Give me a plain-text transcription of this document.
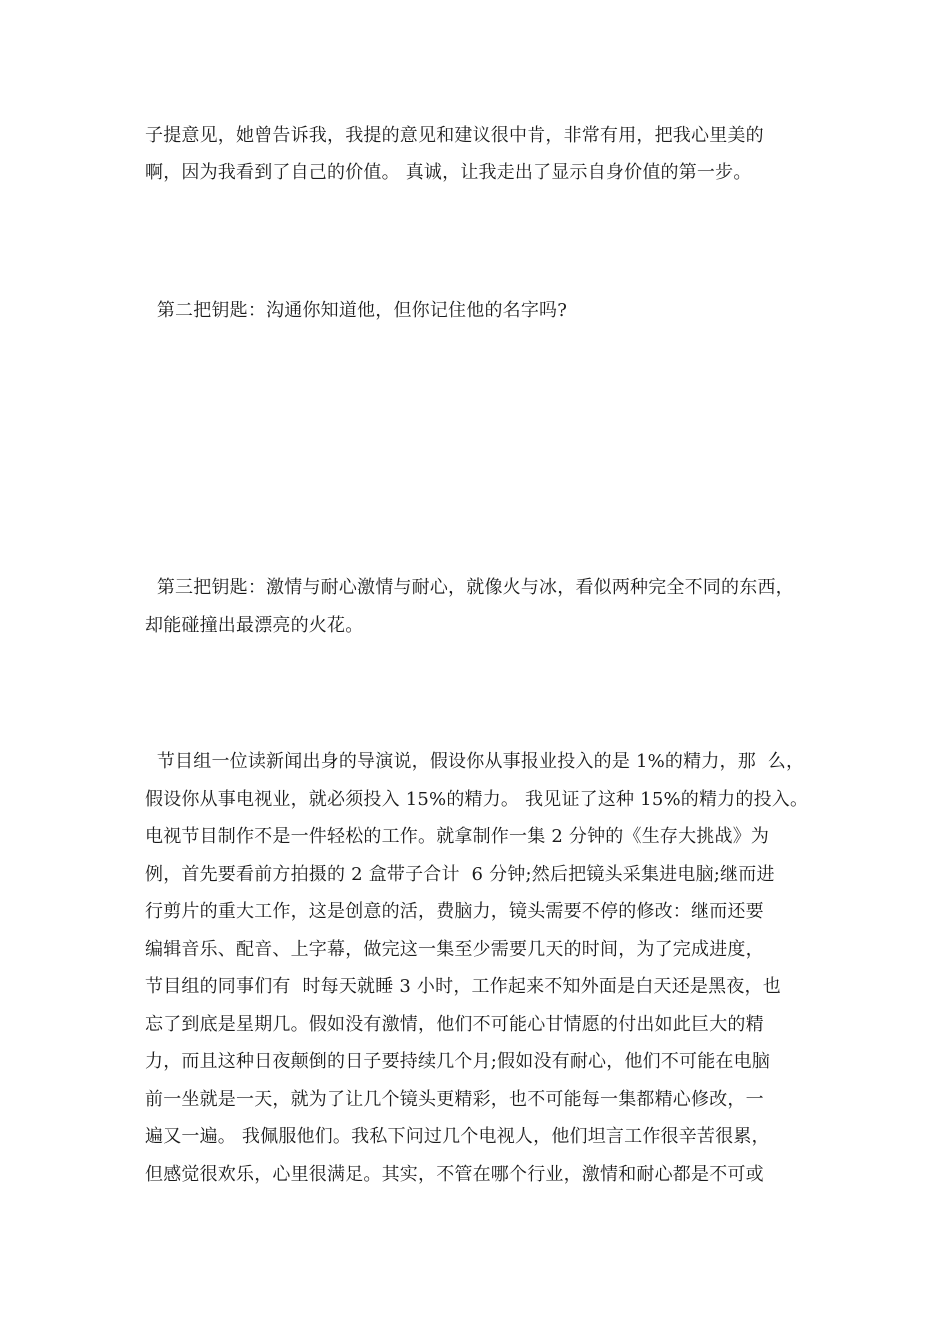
子提意见，她曾告诉我，我提的意见和建议很中肯，非常有用，把我心里美的
啊，因为我看到了自己的价值。 真诚，让我走出了显示自身价值的第一步。
第二把钥匙：沟通你知道他，但你记住他的名字吗?
第三把钥匙：激情与耐心激情与耐心，就像火与冰，看似两种完全不同的东西，
却能碰撞出最漂亮的火花。
节目组一位读新闻出身的导演说，假设你从事报业投入的是 1%的精力，那  么，
假设你从事电视业，就必须投入 15%的精力。 我见证了这种 15%的精力的投入。
电视节目制作不是一件轻松的工作。就拿制作一集 2 分钟的《生存大挑战》为
例，首先要看前方拍摄的 2 盒带子合计  6 分钟;然后把镜头采集进电脑;继而进
行剪片的重大工作，这是创意的活，费脑力，镜头需要不停的修改：继而还要
编辑音乐、配音、上字幕，做完这一集至少需要几天的时间，为了完成进度，
节目组的同事们有  时每天就睡 3 小时，工作起来不知外面是白天还是黑夜，也
忘了到底是星期几。假如没有激情，他们不可能心甘情愿的付出如此巨大的精
力，而且这种日夜颠倒的日子要持续几个月;假如没有耐心，他们不可能在电脑
前一坐就是一天，就为了让几个镜头更精彩，也不可能每一集都精心修改，一
遍又一遍。 我佩服他们。我私下问过几个电视人，他们坦言工作很辛苦很累，
但感觉很欢乐，心里很满足。其实，不管在哪个行业，激情和耐心都是不可或
